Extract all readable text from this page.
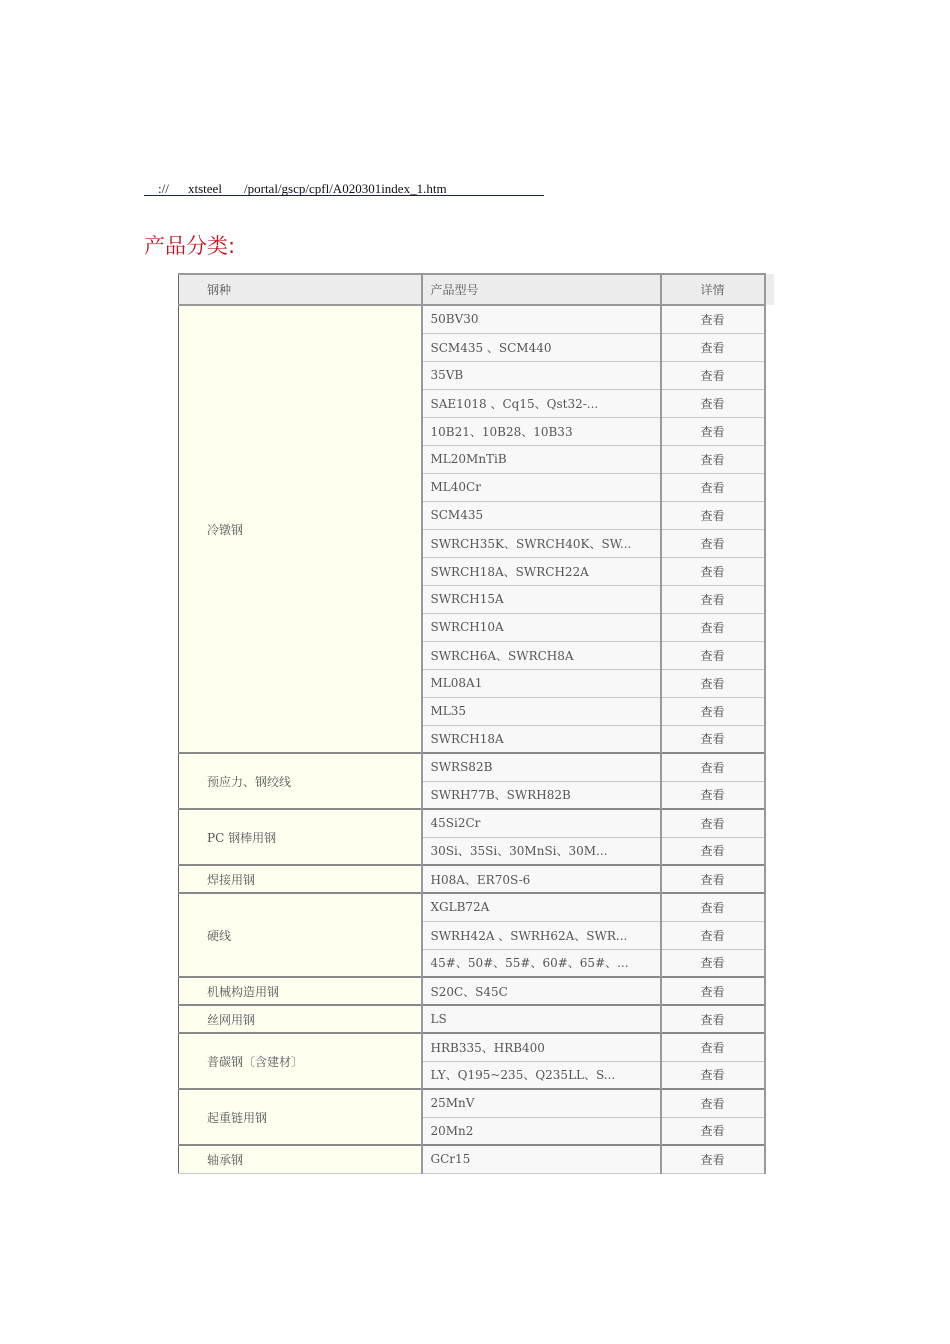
://

xtsteel

/portal/gscp/cpfl/A020301index_1.htm

产品分类:
钢种	产品型号	详情	
冷镦钢	50BV30	查看	
	SCM435 、SCM440	查看	
	35VB	查看	
	SAE1018 、Cq15、Qst32-...	查看	
	10B21、10B28、10B33	查看	
	ML20MnTiB	查看	
	ML40Cr	查看	
	SCM435	查看	
	SWRCH35K、SWRCH40K、SW...	查看	
	SWRCH18A、SWRCH22A	查看	
	SWRCH15A	查看	
	SWRCH10A	查看	
	SWRCH6A、SWRCH8A	查看	
	ML08A1	查看	
	ML35	查看	
	SWRCH18A	查看	
预应力、钢绞线	SWRS82B	查看	
	SWRH77B、SWRH82B	查看	
PC 钢棒用钢	45Si2Cr	查看	
	30Si、35Si、30MnSi、30M...	查看	
焊接用钢	H08A、ER70S-6	查看	
硬线	XGLB72A	查看	
	SWRH42A 、SWRH62A、SWR...	查看	
	45#、50#、55#、60#、65#、...	查看	
机械构造用钢	S20C、S45C	查看	
丝网用钢	LS	查看	
普碳钢〔含建材〕	HRB335、HRB400	查看	
	LY、Q195~235、Q235LL、S...	查看	
起重链用钢	25MnV	查看	
	20Mn2	查看	
轴承钢	GCr15	查看	
